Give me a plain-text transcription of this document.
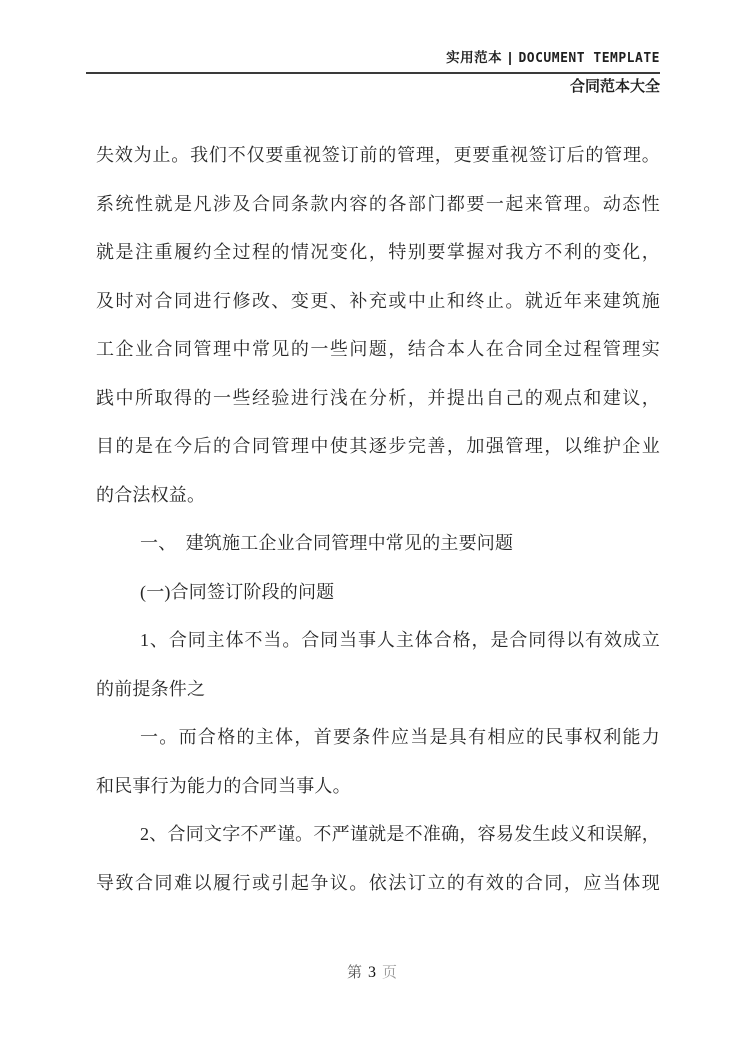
实用范本 | DOCUMENT TEMPLATE
合同范本大全
失效为止。我们不仅要重视签订前的管理，更要重视签订后的管理。
系统性就是凡涉及合同条款内容的各部门都要一起来管理。动态性
就是注重履约全过程的情况变化，特别要掌握对我方不利的变化，
及时对合同进行修改、变更、补充或中止和终止。就近年来建筑施
工企业合同管理中常见的一些问题，结合本人在合同全过程管理实
践中所取得的一些经验进行浅在分析，并提出自己的观点和建议，
目的是在今后的合同管理中使其逐步完善，加强管理，以维护企业
的合法权益。
一、　建筑施工企业合同管理中常见的主要问题
(一)合同签订阶段的问题
1、合同主体不当。合同当事人主体合格，是合同得以有效成立
的前提条件之
一。而合格的主体，首要条件应当是具有相应的民事权利能力
和民事行为能力的合同当事人。
2、合同文字不严谨。不严谨就是不准确，容易发生歧义和误解，
导致合同难以履行或引起争议。依法订立的有效的合同，应当体现
第 3 页
